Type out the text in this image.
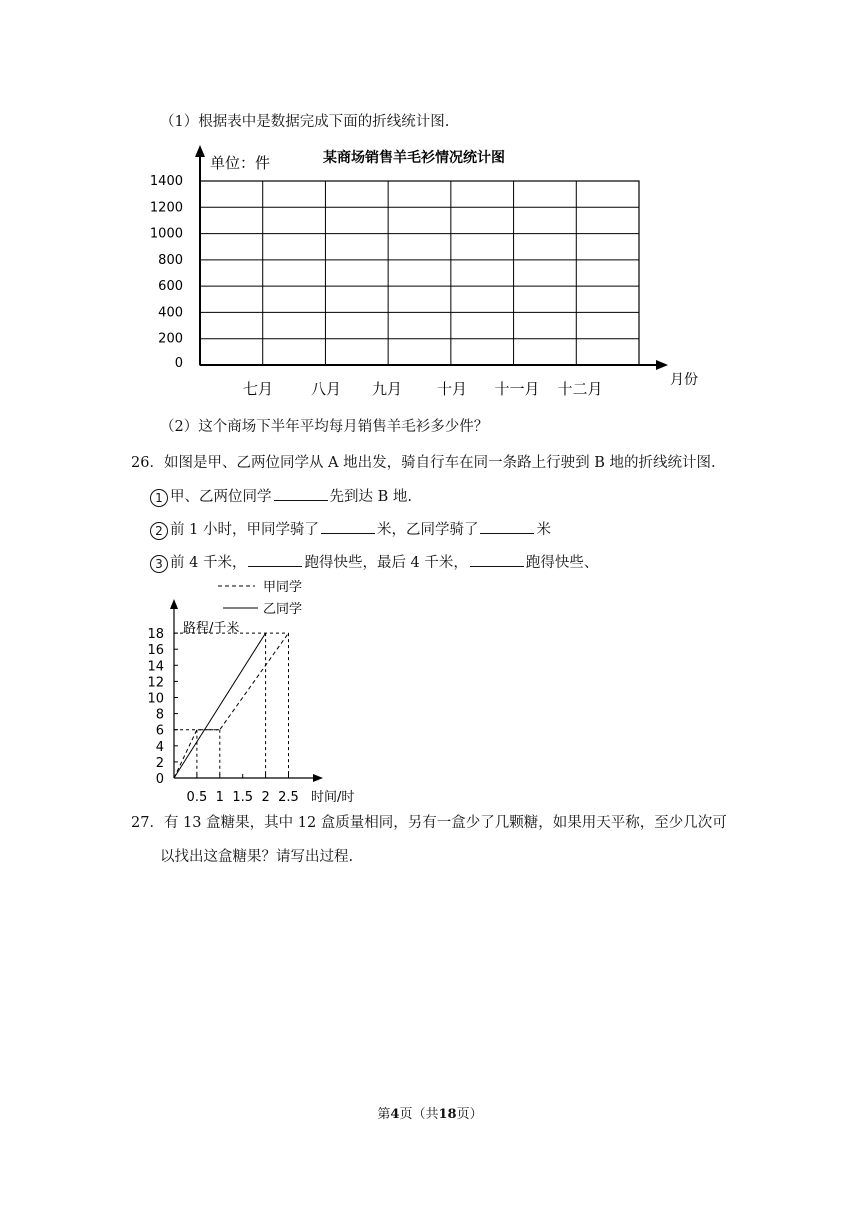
（1）根据表中是数据完成下面的折线统计图.
单位：件	某商场销售羊毛衫情况统计图
月份
0
200
400
600
800
1000
1200
1400
七月	八月 九月 十月 十一月 十二月
（2）这个商场下半年平均每月销售羊毛衫多少件？
26．如图是甲、乙两位同学从 A 地出发，骑自行车在同一条路上行驶到 B 地的折线统计图.
1 甲、乙两位同学	先到达 B 地.
2 前 1 小时，甲同学骑了	米，乙同学骑了	米
3 前 4 千米，	跑得快些，最后 4 千米，	跑得快些、
甲同学
乙同学
路程/千米
0
2
4
6
8
10
12
14
16
18
0.5 1 1.5 2 2.5 时间/时
27．有 13 盒糖果，其中 12 盒质量相同，另有一盒少了几颗糖，如果用天平称，至少几次可
以找出这盒糖果？请写出过程.
第4页（共18页）
